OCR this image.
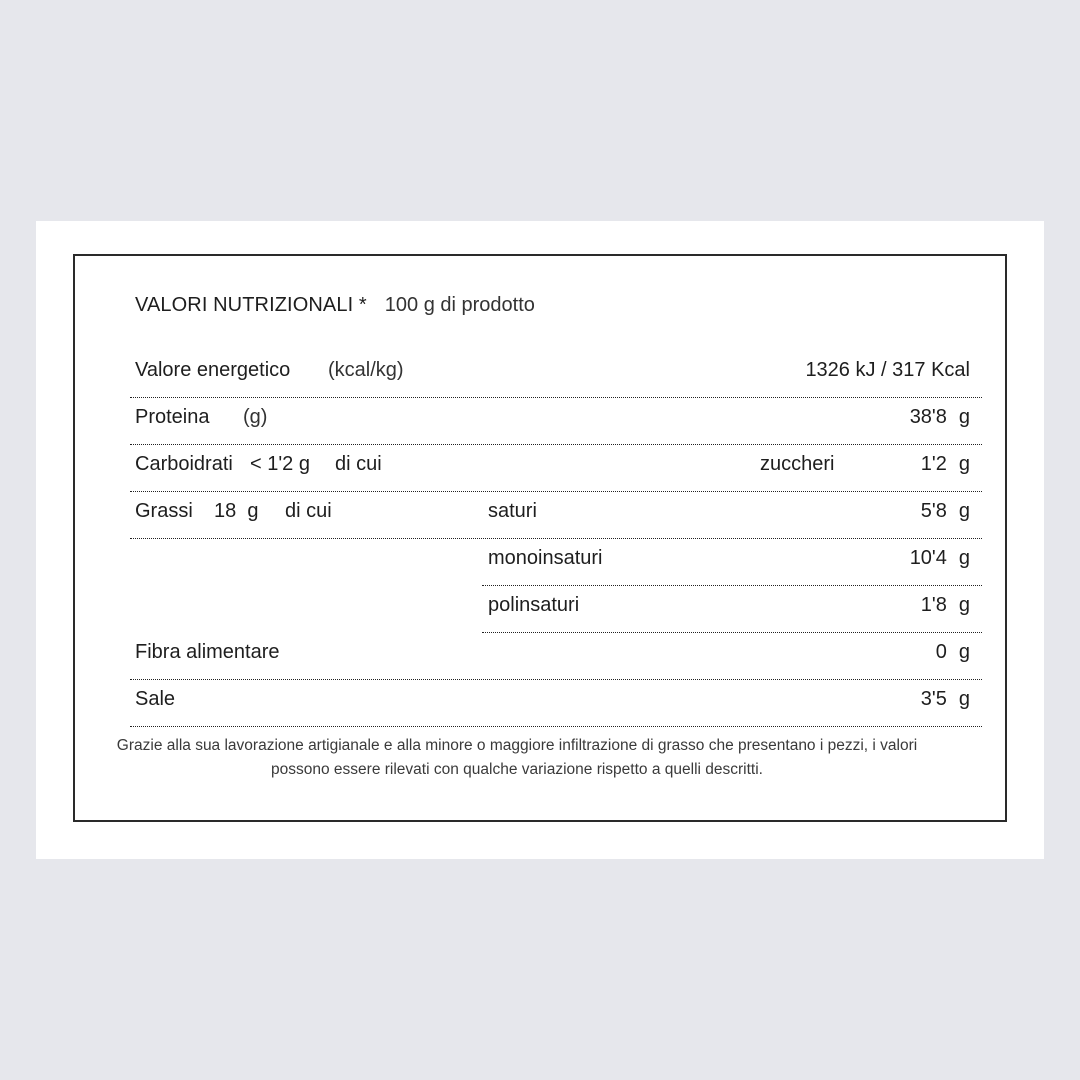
VALORI NUTRIZIONALI * 100 g di prodotto
Valore energetico (kcal/kg)	1326 kJ / 317 Kcal
Proteina (g)	38'8 g
Carboidrati < 1'2 g di cui	zuccheri	1'2 g
Grassi 18  g di cui	saturi	5'8 g
monoinsaturi	10'4 g
polinsaturi	1'8 g
Fibra alimentare	0 g
Sale	3'5 g
Grazie alla sua lavorazione artigianale e alla minore o maggiore infiltrazione di grasso che presentano i pezzi, i valori possono essere rilevati con qualche variazione rispetto a quelli descritti.
